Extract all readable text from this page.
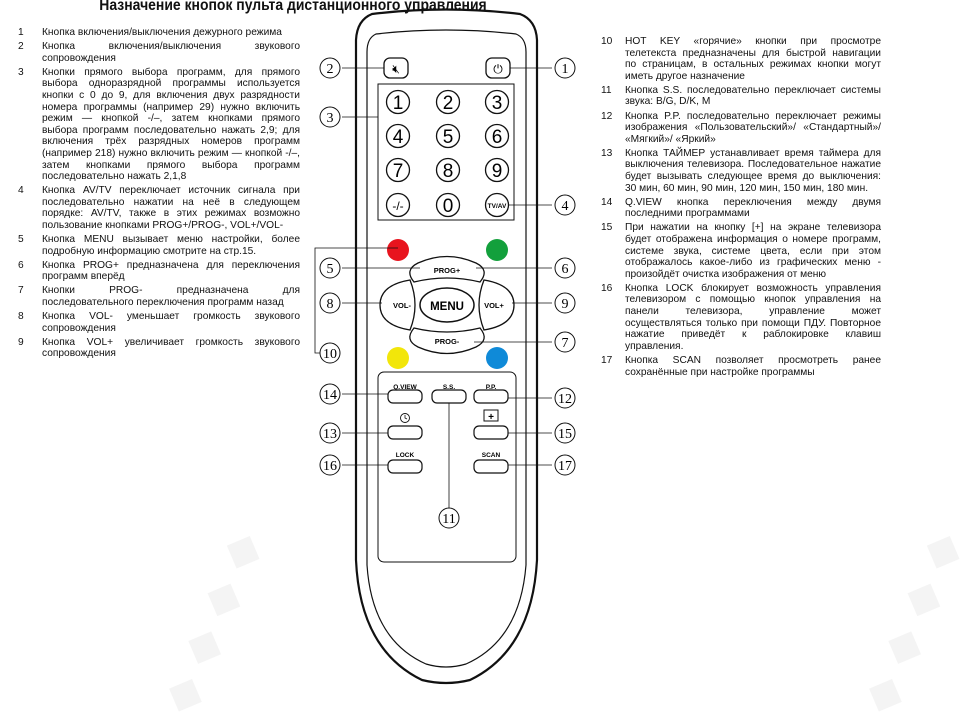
◆ ◆ ◆ ◆	◆ ◆ ◆ ◆
Назначение кнопок пульта дистанционного управления
1	Кнопка включения/выключения дежурного режима
2	Кнопка включения/выключения звукового сопровождения
3	Кнопки прямого выбора программ, для прямого выбора одноразрядной программы используется кнопки с 0 до 9, для включения двух разрядности номера программы (например 29) нужно включить режим — кнопкой -/–, затем кнопками прямого выбора программ последовательно нажать 2,9; для включения трёх разрядных номеров программ (например 218) нужно включить режим — кнопкой -/–, затем кнопками прямого выбора программ последовательно нажать 2,1,8
4	Кнопка AV/TV переключает источник сигнала при последовательно нажатии на неё в следующем порядке: AV/TV, также в этих режимах возможно пользование кнопками PROG+/PROG-, VOL+/VOL-
5	Кнопка MENU вызывает меню настройки, более подробную информацию смотрите на стр.15.
6	Кнопка PROG+ предназначена для переключения программ вперёд
7	Кнопки PROG- предназначена для последовательного переключения программ назад
8	Кнопка VOL- уменьшает громкость звукового сопровождения
9	Кнопка VOL+ увеличивает громкость звукового сопровождения
10	HOT KEY «горячие» кнопки при просмотре телетекста предназначены для быстрой навигации по страницам, в остальных режимах кнопки могут иметь другое назначение
11	Кнопка S.S. последовательно переключает системы звука: B/G, D/K, M
12	Кнопка P.P. последовательно переключает режимы изображения «Пользовательский»/ «Стандартный»/ «Мягкий»/ «Яркий»
13	Кнопка ТАЙМЕР устанавливает время таймера для выключения телевизора. Последовательное нажатие будет вызывать следующее время до выключения: 30 мин, 60 мин, 90 мин, 120 мин, 150 мин, 180 мин.
14	Q.VIEW кнопка переключения между двумя последними программами
15	При нажатии на кнопку [+] на экране телевизора будет отображена информация о номере программ, системе звука, системе цвета, если при этом отображалось какое-либо из графических меню - произойдёт очистка изображения от меню
16	Кнопка LOCK блокирует возможность управления телевизором с помощью кнопок управления на панели телевизора, управление может осуществляться только при помощи ПДУ. Повторное нажатие приведёт к раблокировке клавиш управления.
17	Кнопка SCAN позволяет просмотреть ранее сохранённые при настройке программы
🔇︎	⏻
1 2 3
4 5 6
7 8 9
-/- 0	TV/AV
PROG+
PROG-
VOL-	VOL+
MENU
Q.VIEW	S.S.	P.P.
+
LOCK	SCAN
1
2
3
4
5	6
7
8	9
10
11
12
13
14
15
16	17
